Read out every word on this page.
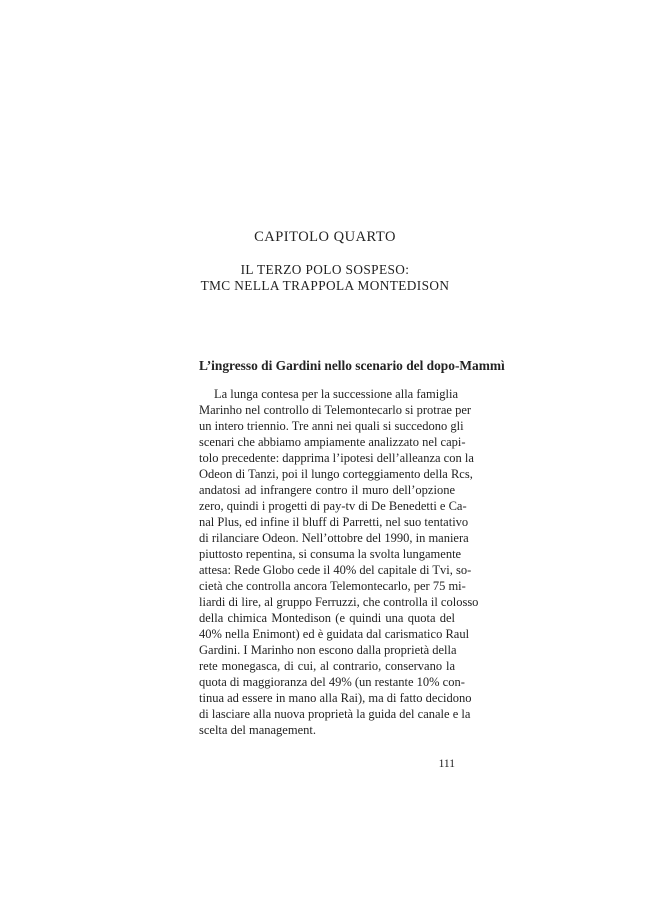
CAPITOLO QUARTO
IL TERZO POLO SOSPESO:
TMC NELLA TRAPPOLA MONTEDISON
L’ingresso di Gardini nello scenario del dopo-Mammì
La lunga contesa per la successione alla famiglia
Marinho nel controllo di Telemontecarlo si protrae per
un intero triennio. Tre anni nei quali si succedono gli
scenari che abbiamo ampiamente analizzato nel capi-
tolo precedente: dapprima l’ipotesi dell’alleanza con la
Odeon di Tanzi, poi il lungo corteggiamento della Rcs,
andatosi ad infrangere contro il muro dell’opzione
zero, quindi i progetti di pay-tv di De Benedetti e Ca-
nal Plus, ed infine il bluff di Parretti, nel suo tentativo
di rilanciare Odeon. Nell’ottobre del 1990, in maniera
piuttosto repentina, si consuma la svolta lungamente
attesa: Rede Globo cede il 40% del capitale di Tvi, so-
cietà che controlla ancora Telemontecarlo, per 75 mi-
liardi di lire, al gruppo Ferruzzi, che controlla il colosso
della chimica Montedison (e quindi una quota del
40% nella Enimont) ed è guidata dal carismatico Raul
Gardini. I Marinho non escono dalla proprietà della
rete monegasca, di cui, al contrario, conservano la
quota di maggioranza del 49% (un restante 10% con-
tinua ad essere in mano alla Rai), ma di fatto decidono
di lasciare alla nuova proprietà la guida del canale e la
scelta del management.
111
